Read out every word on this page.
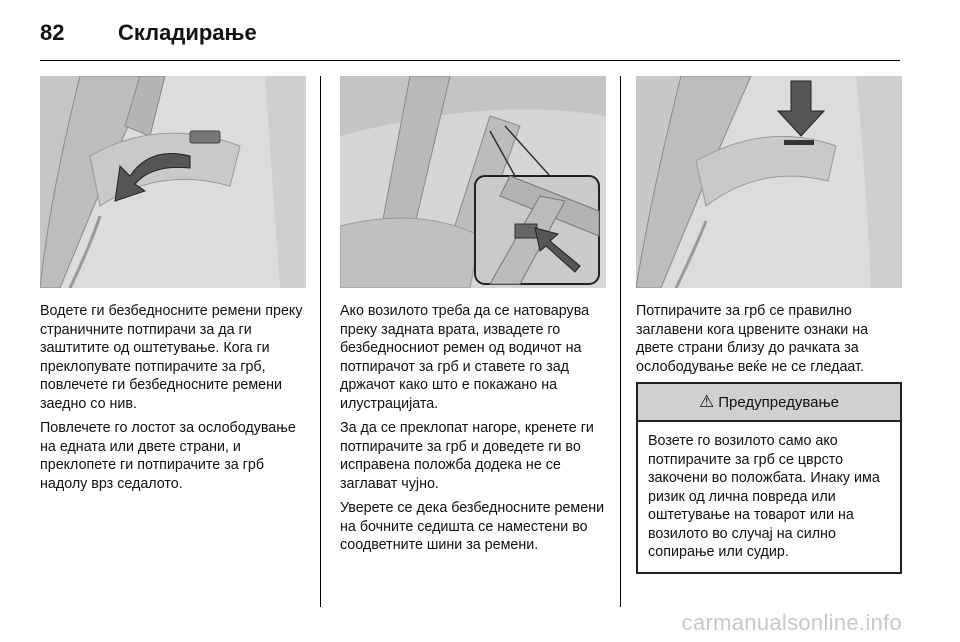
82 Складирање

Водете ги безбедносните ремени преку страничните потпирачи за да ги заштитите од оштетување. Кога ги преклопувате потпирачите за грб, повлечете ги безбедносните ремени заедно со нив.

Повлечете го лостот за ослободување на едната или двете страни, и преклопете ги потпирачите за грб надолу врз седалото.

Ако возилото треба да се натоварува преку задната врата, извадете го безбедносниот ремен од водичот на потпирачот за грб и ставете го зад држачот како што е покажано на илустрацијата.

За да се преклопат нагоре, кренете ги потпирачите за грб и доведете ги во исправена положба додека не се заглават чујно.

Уверете се дека безбедносните ремени на бочните седишта се наместени во соодветните шини за ремени.

Потпирачите за грб се правилно заглавени кога црвените ознаки на двете страни близу до рачката за ослободување веќе не се гледаат.

⚠ Предупредување
Возете го возилото само ако потпирачите за грб се цврсто закочени во положбата. Инаку има ризик од лична повреда или оштетување на товарот или на возилото во случај на силно сопирање или судир.
carmanualsonline.info
